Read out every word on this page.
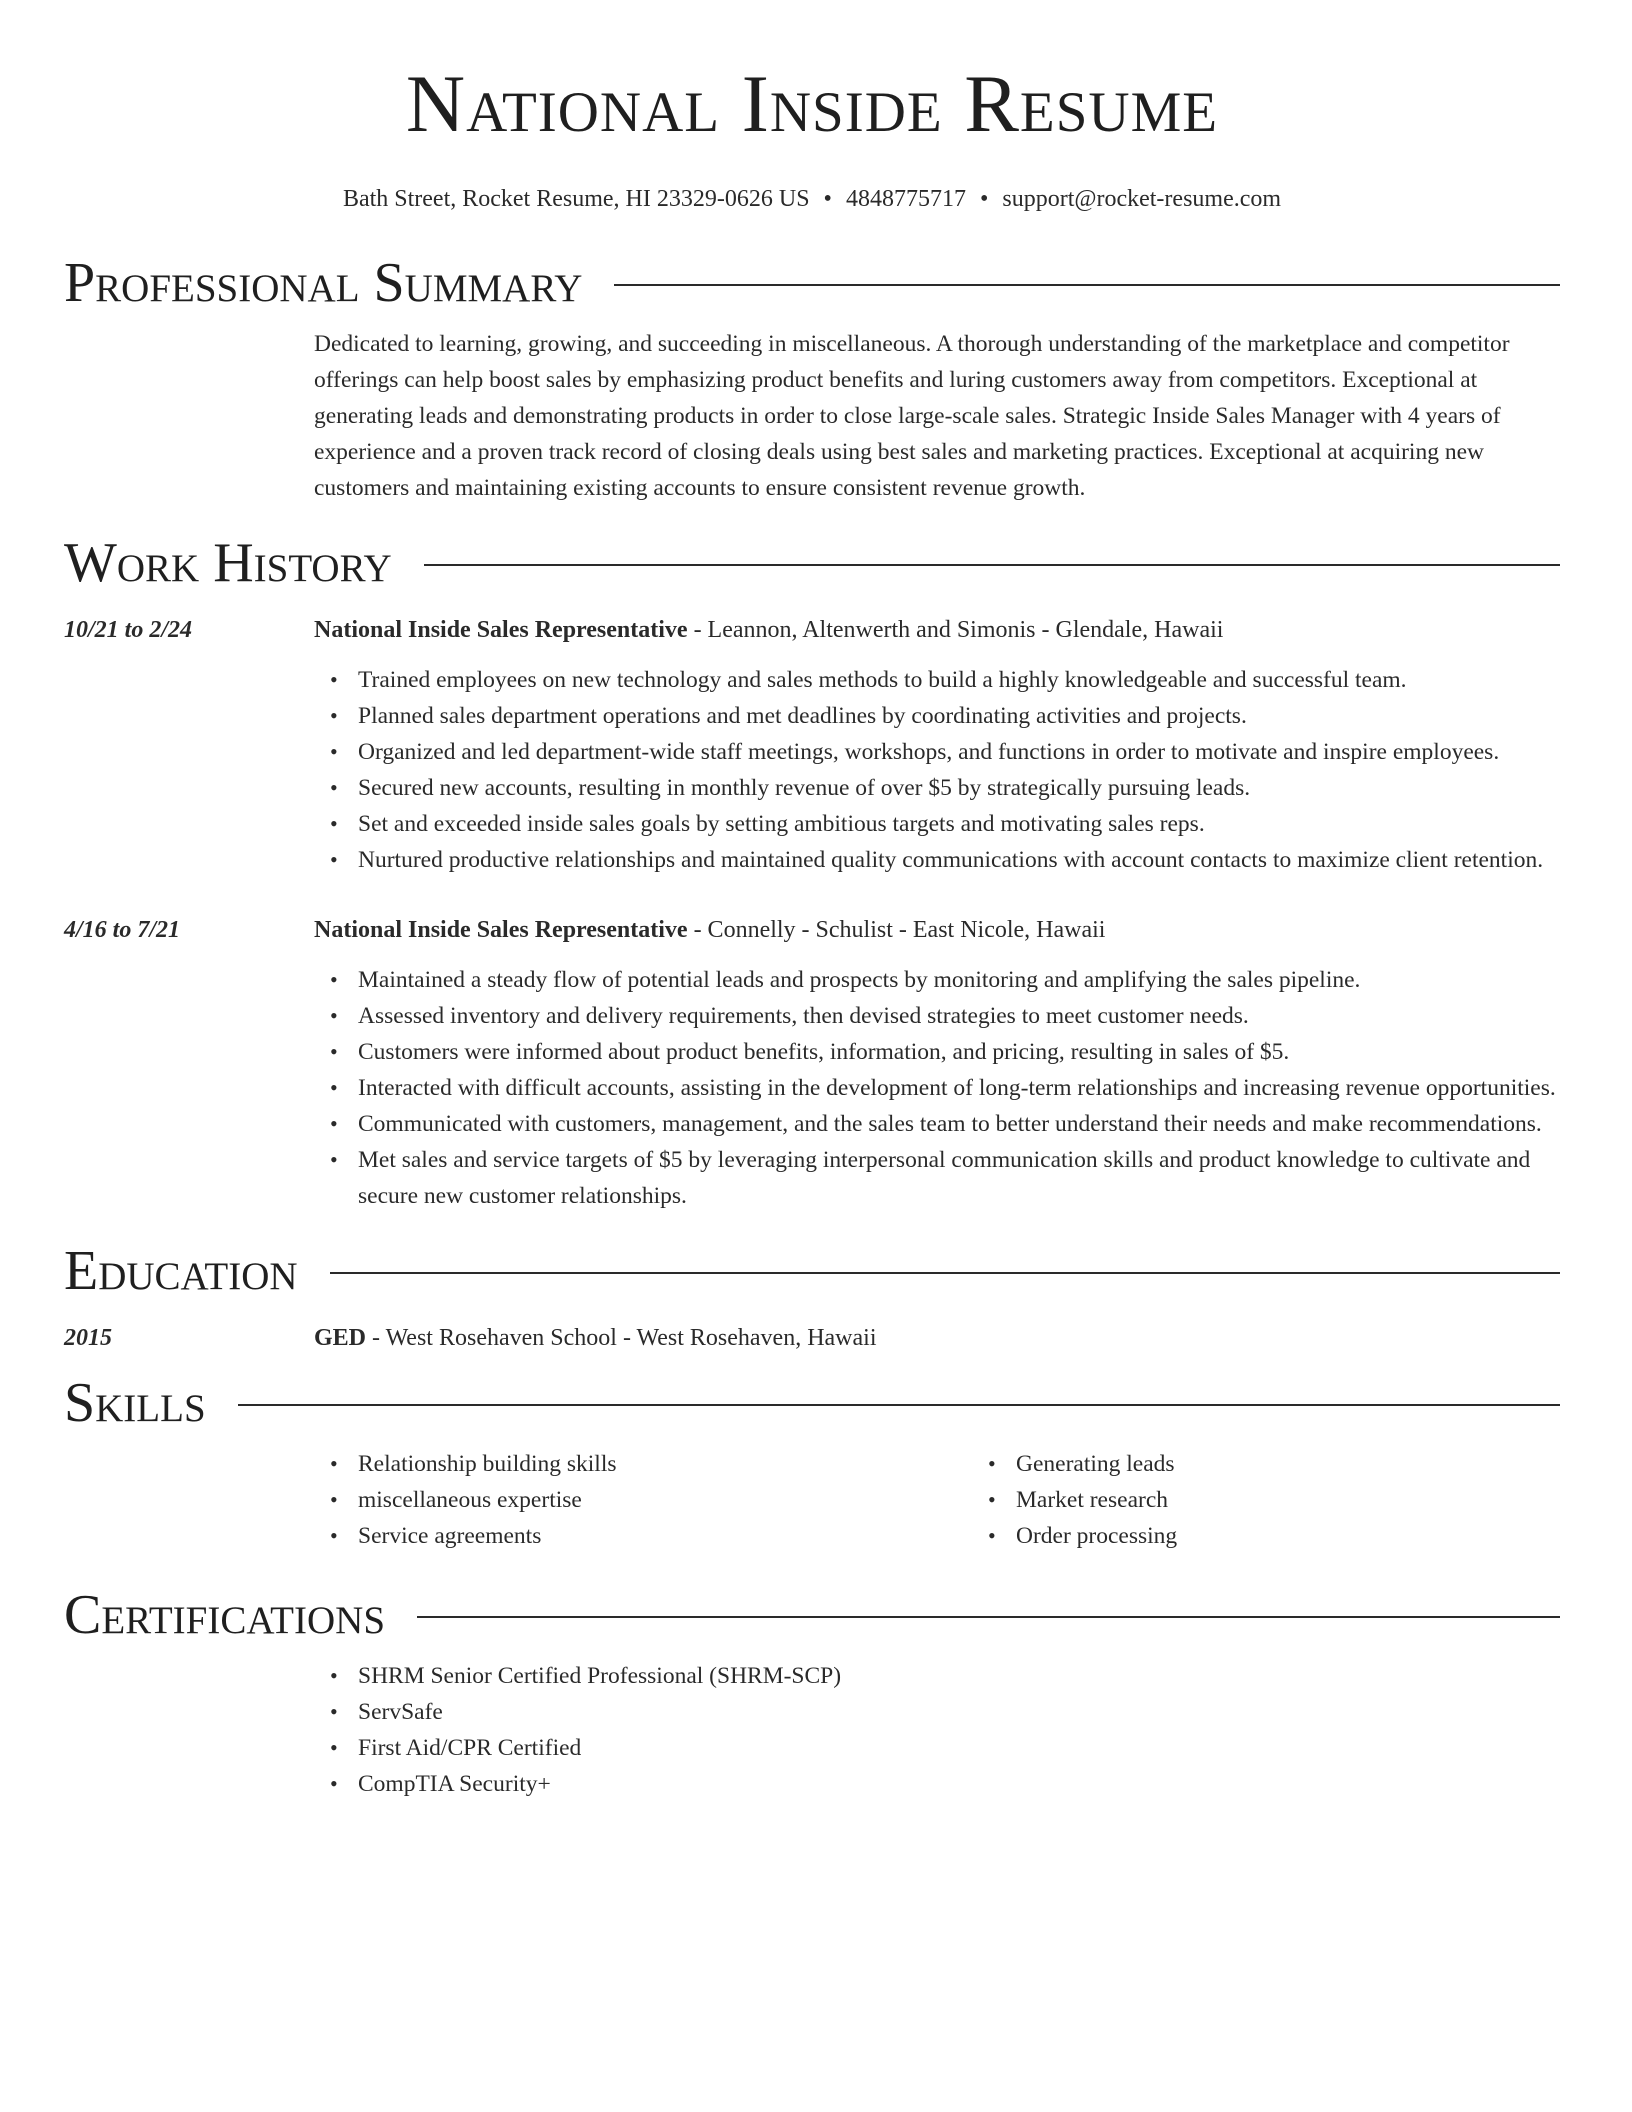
National Inside Resume
Bath Street, Rocket Resume, HI 23329-0626 US • 4848775717 • support@rocket-resume.com
Professional Summary
Dedicated to learning, growing, and succeeding in miscellaneous. A thorough understanding of the marketplace and competitor offerings can help boost sales by emphasizing product benefits and luring customers away from competitors. Exceptional at generating leads and demonstrating products in order to close large-scale sales. Strategic Inside Sales Manager with 4 years of experience and a proven track record of closing deals using best sales and marketing practices. Exceptional at acquiring new customers and maintaining existing accounts to ensure consistent revenue growth.
Work History
10/21 to 2/24	National Inside Sales Representative - Leannon, Altenwerth and Simonis - Glendale, Hawaii
• Trained employees on new technology and sales methods to build a highly knowledgeable and successful team.
• Planned sales department operations and met deadlines by coordinating activities and projects.
• Organized and led department-wide staff meetings, workshops, and functions in order to motivate and inspire employees.
• Secured new accounts, resulting in monthly revenue of over $5 by strategically pursuing leads.
• Set and exceeded inside sales goals by setting ambitious targets and motivating sales reps.
• Nurtured productive relationships and maintained quality communications with account contacts to maximize client retention.
4/16 to 7/21	National Inside Sales Representative - Connelly - Schulist - East Nicole, Hawaii
• Maintained a steady flow of potential leads and prospects by monitoring and amplifying the sales pipeline.
• Assessed inventory and delivery requirements, then devised strategies to meet customer needs.
• Customers were informed about product benefits, information, and pricing, resulting in sales of $5.
• Interacted with difficult accounts, assisting in the development of long-term relationships and increasing revenue opportunities.
• Communicated with customers, management, and the sales team to better understand their needs and make recommendations.
• Met sales and service targets of $5 by leveraging interpersonal communication skills and product knowledge to cultivate and secure new customer relationships.
Education
2015	GED - West Rosehaven School - West Rosehaven, Hawaii
Skills
• Relationship building skills
• miscellaneous expertise
• Service agreements
• Generating leads
• Market research
• Order processing
Certifications
• SHRM Senior Certified Professional (SHRM-SCP)
• ServSafe
• First Aid/CPR Certified
• CompTIA Security+
